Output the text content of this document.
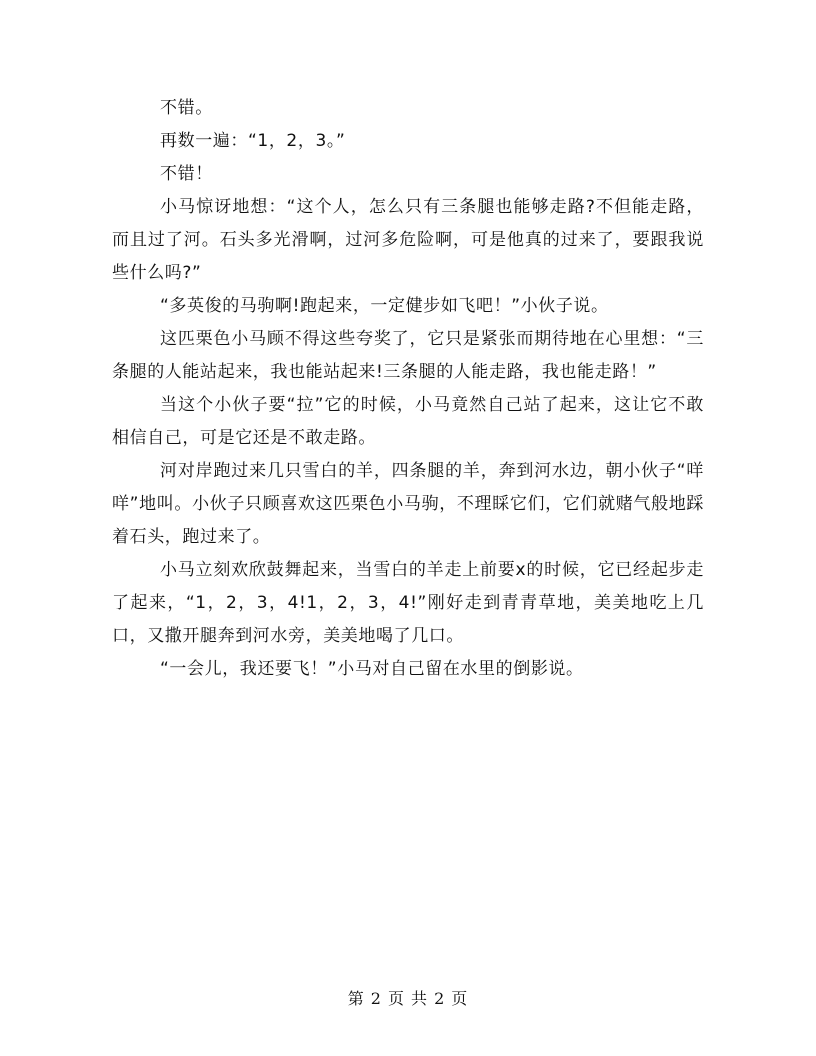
不错。

再数一遍：“1，2，3。”

不错！

小马惊讶地想：“这个人，怎么只有三条腿也能够走路?不但能走路，而且过了河。石头多光滑啊，过河多危险啊，可是他真的过来了，要跟我说些什么吗?”

“多英俊的马驹啊!跑起来，一定健步如飞吧！”小伙子说。

这匹栗色小马顾不得这些夸奖了，它只是紧张而期待地在心里想：“三条腿的人能站起来，我也能站起来!三条腿的人能走路，我也能走路！”

当这个小伙子要“拉”它的时候，小马竟然自己站了起来，这让它不敢相信自己，可是它还是不敢走路。

河对岸跑过来几只雪白的羊，四条腿的羊，奔到河水边，朝小伙子“咩咩”地叫。小伙子只顾喜欢这匹栗色小马驹，不理睬它们，它们就赌气般地踩着石头，跑过来了。

小马立刻欢欣鼓舞起来，当雪白的羊走上前要x的时候，它已经起步走了起来，“1，2，3，4!1，2，3，4!”刚好走到青青草地，美美地吃上几口，又撒开腿奔到河水旁，美美地喝了几口。

“一会儿，我还要飞！”小马对自己留在水里的倒影说。

第 2 页 共 2 页
